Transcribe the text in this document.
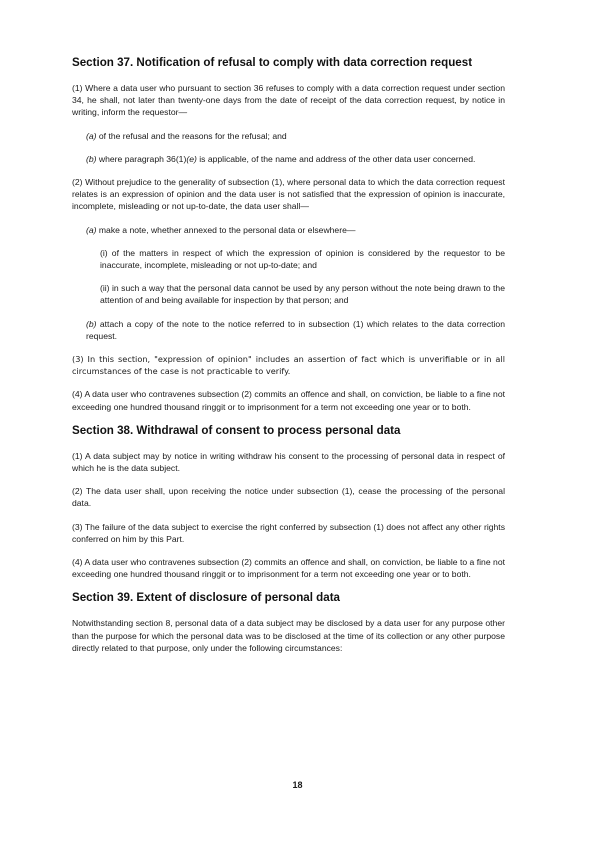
Section 37. Notification of refusal to comply with data correction request

(1) Where a data user who pursuant to section 36 refuses to comply with a data correction request under section 34, he shall, not later than twenty-one days from the date of receipt of the data correction request, by notice in writing, inform the requestor—

(a) of the refusal and the reasons for the refusal; and

(b) where paragraph 36(1)(e) is applicable, of the name and address of the other data user concerned.

(2) Without prejudice to the generality of subsection (1), where personal data to which the data correction request relates is an expression of opinion and the data user is not satisfied that the expression of opinion is inaccurate, incomplete, misleading or not up-to-date, the data user shall—

(a) make a note, whether annexed to the personal data or elsewhere—

(i) of the matters in respect of which the expression of opinion is considered by the requestor to be inaccurate, incomplete, misleading or not up-to-date; and

(ii) in such a way that the personal data cannot be used by any person without the note being drawn to the attention of and being available for inspection by that person; and

(b) attach a copy of the note to the notice referred to in subsection (1) which relates to the data correction request.

(3) In this section, "expression of opinion" includes an assertion of fact which is unverifiable or in all circumstances of the case is not practicable to verify.

(4) A data user who contravenes subsection (2) commits an offence and shall, on conviction, be liable to a fine not exceeding one hundred thousand ringgit or to imprisonment for a term not exceeding one year or to both.

Section 38. Withdrawal of consent to process personal data

(1) A data subject may by notice in writing withdraw his consent to the processing of personal data in respect of which he is the data subject.

(2) The data user shall, upon receiving the notice under subsection (1), cease the processing of the personal data.

(3) The failure of the data subject to exercise the right conferred by subsection (1) does not affect any other rights conferred on him by this Part.

(4) A data user who contravenes subsection (2) commits an offence and shall, on conviction, be liable to a fine not exceeding one hundred thousand ringgit or to imprisonment for a term not exceeding one year or to both.

Section 39. Extent of disclosure of personal data

Notwithstanding section 8, personal data of a data subject may be disclosed by a data user for any purpose other than the purpose for which the personal data was to be disclosed at the time of its collection or any other purpose directly related to that purpose, only under the following circumstances:

18
